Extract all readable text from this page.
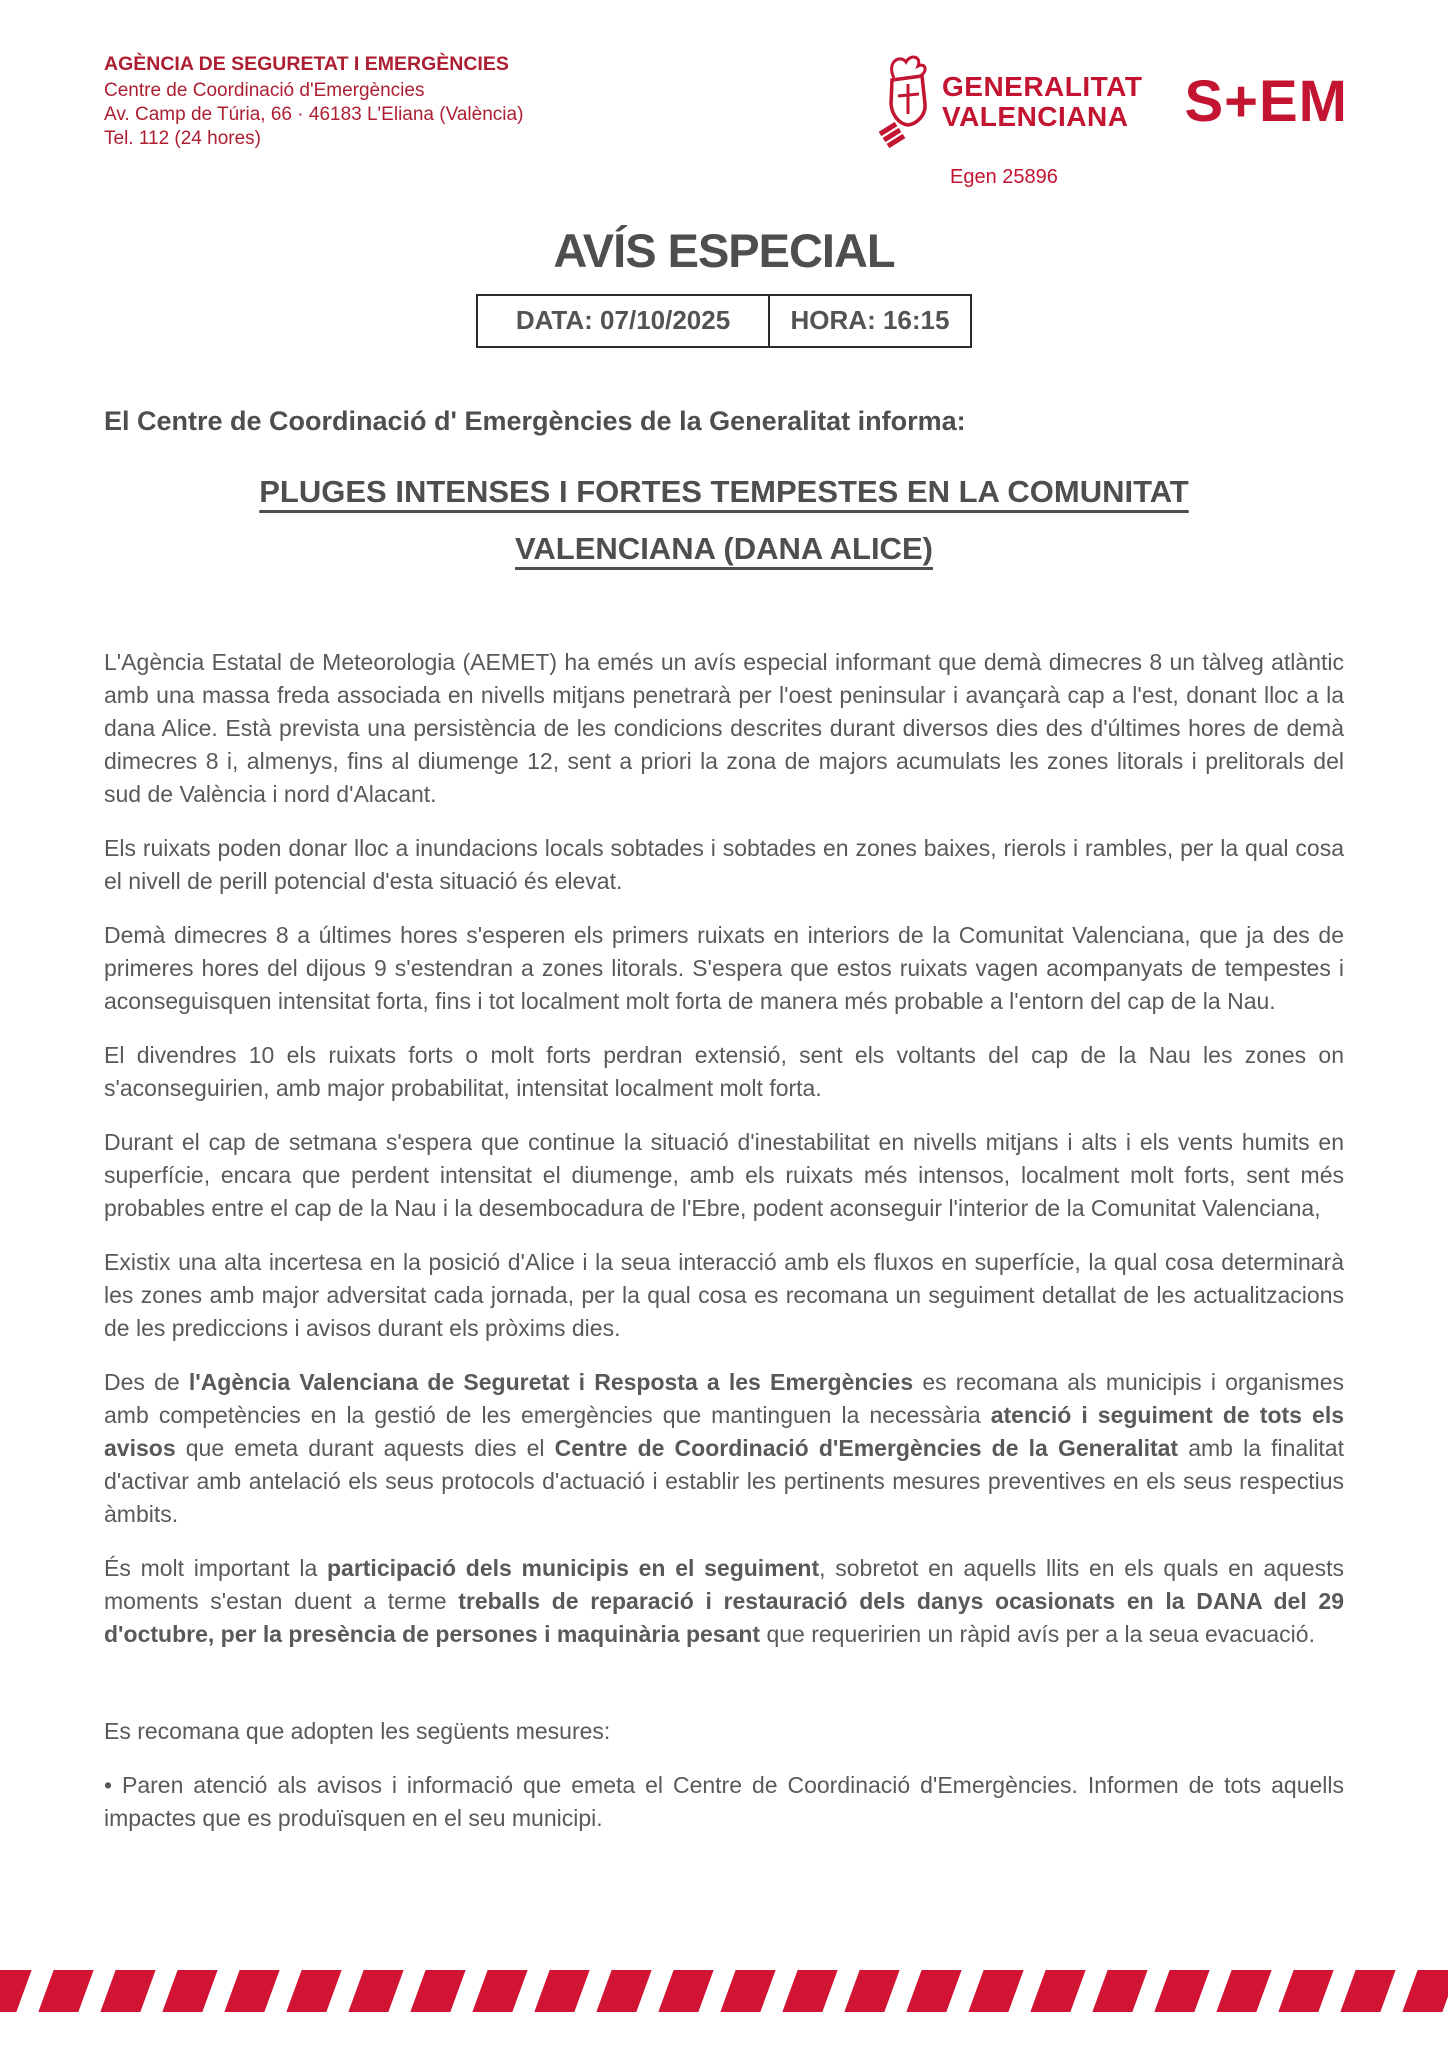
AGÈNCIA DE SEGURETAT I EMERGÈNCIES
Centre de Coordinació d'Emergències
Av. Camp de Túria, 66 · 46183 L'Eliana (València)
Tel. 112 (24 hores)
GENERALITAT
VALENCIANA S+EM
Egen 25896
AVÍS ESPECIAL
DATA: 07/10/2025	HORA: 16:15
El Centre de Coordinació d' Emergències de la Generalitat informa:
PLUGES INTENSES I FORTES TEMPESTES EN LA COMUNITAT VALENCIANA (DANA ALICE)

L'Agència Estatal de Meteorologia (AEMET) ha emés un avís especial informant que demà dimecres 8 un tàlveg atlàntic amb una massa freda associada en nivells mitjans penetrarà per l'oest peninsular i avançarà cap a l'est, donant lloc a la dana Alice. Està prevista una persistència de les condicions descrites durant diversos dies des d'últimes hores de demà dimecres 8 i, almenys, fins al diumenge 12, sent a priori la zona de majors acumulats les zones litorals i prelitorals del sud de València i nord d'Alacant.

Els ruixats poden donar lloc a inundacions locals sobtades i sobtades en zones baixes, rierols i rambles, per la qual cosa el nivell de perill potencial d'esta situació és elevat.

Demà dimecres 8 a últimes hores s'esperen els primers ruixats en interiors de la Comunitat Valenciana, que ja des de primeres hores del dijous 9 s'estendran a zones litorals. S'espera que estos ruixats vagen acompanyats de tempestes i aconseguisquen intensitat forta, fins i tot localment molt forta de manera més probable a l'entorn del cap de la Nau.

El divendres 10 els ruixats forts o molt forts perdran extensió, sent els voltants del cap de la Nau les zones on s'aconseguirien, amb major probabilitat, intensitat localment molt forta.

Durant el cap de setmana s'espera que continue la situació d'inestabilitat en nivells mitjans i alts i els vents humits en superfície, encara que perdent intensitat el diumenge, amb els ruixats més intensos, localment molt forts, sent més probables entre el cap de la Nau i la desembocadura de l'Ebre, podent aconseguir l'interior de la Comunitat Valenciana,

Existix una alta incertesa en la posició d'Alice i la seua interacció amb els fluxos en superfície, la qual cosa determinarà les zones amb major adversitat cada jornada, per la qual cosa es recomana un seguiment detallat de les actualitzacions de les prediccions i avisos durant els pròxims dies.

Des de l'Agència Valenciana de Seguretat i Resposta a les Emergències es recomana als municipis i organismes amb competències en la gestió de les emergències que mantinguen la necessària atenció i seguiment de tots els avisos que emeta durant aquests dies el Centre de Coordinació d'Emergències de la Generalitat amb la finalitat d'activar amb antelació els seus protocols d'actuació i establir les pertinents mesures preventives en els seus respectius àmbits.

És molt important la participació dels municipis en el seguiment, sobretot en aquells llits en els quals en aquests moments s'estan duent a terme treballs de reparació i restauració dels danys ocasionats en la DANA del 29 d'octubre, per la presència de persones i maquinària pesant que requeririen un ràpid avís per a la seua evacuació.

Es recomana que adopten les següents mesures:

• Paren atenció als avisos i informació que emeta el Centre de Coordinació d'Emergències. Informen de tots aquells impactes que es produïsquen en el seu municipi.
